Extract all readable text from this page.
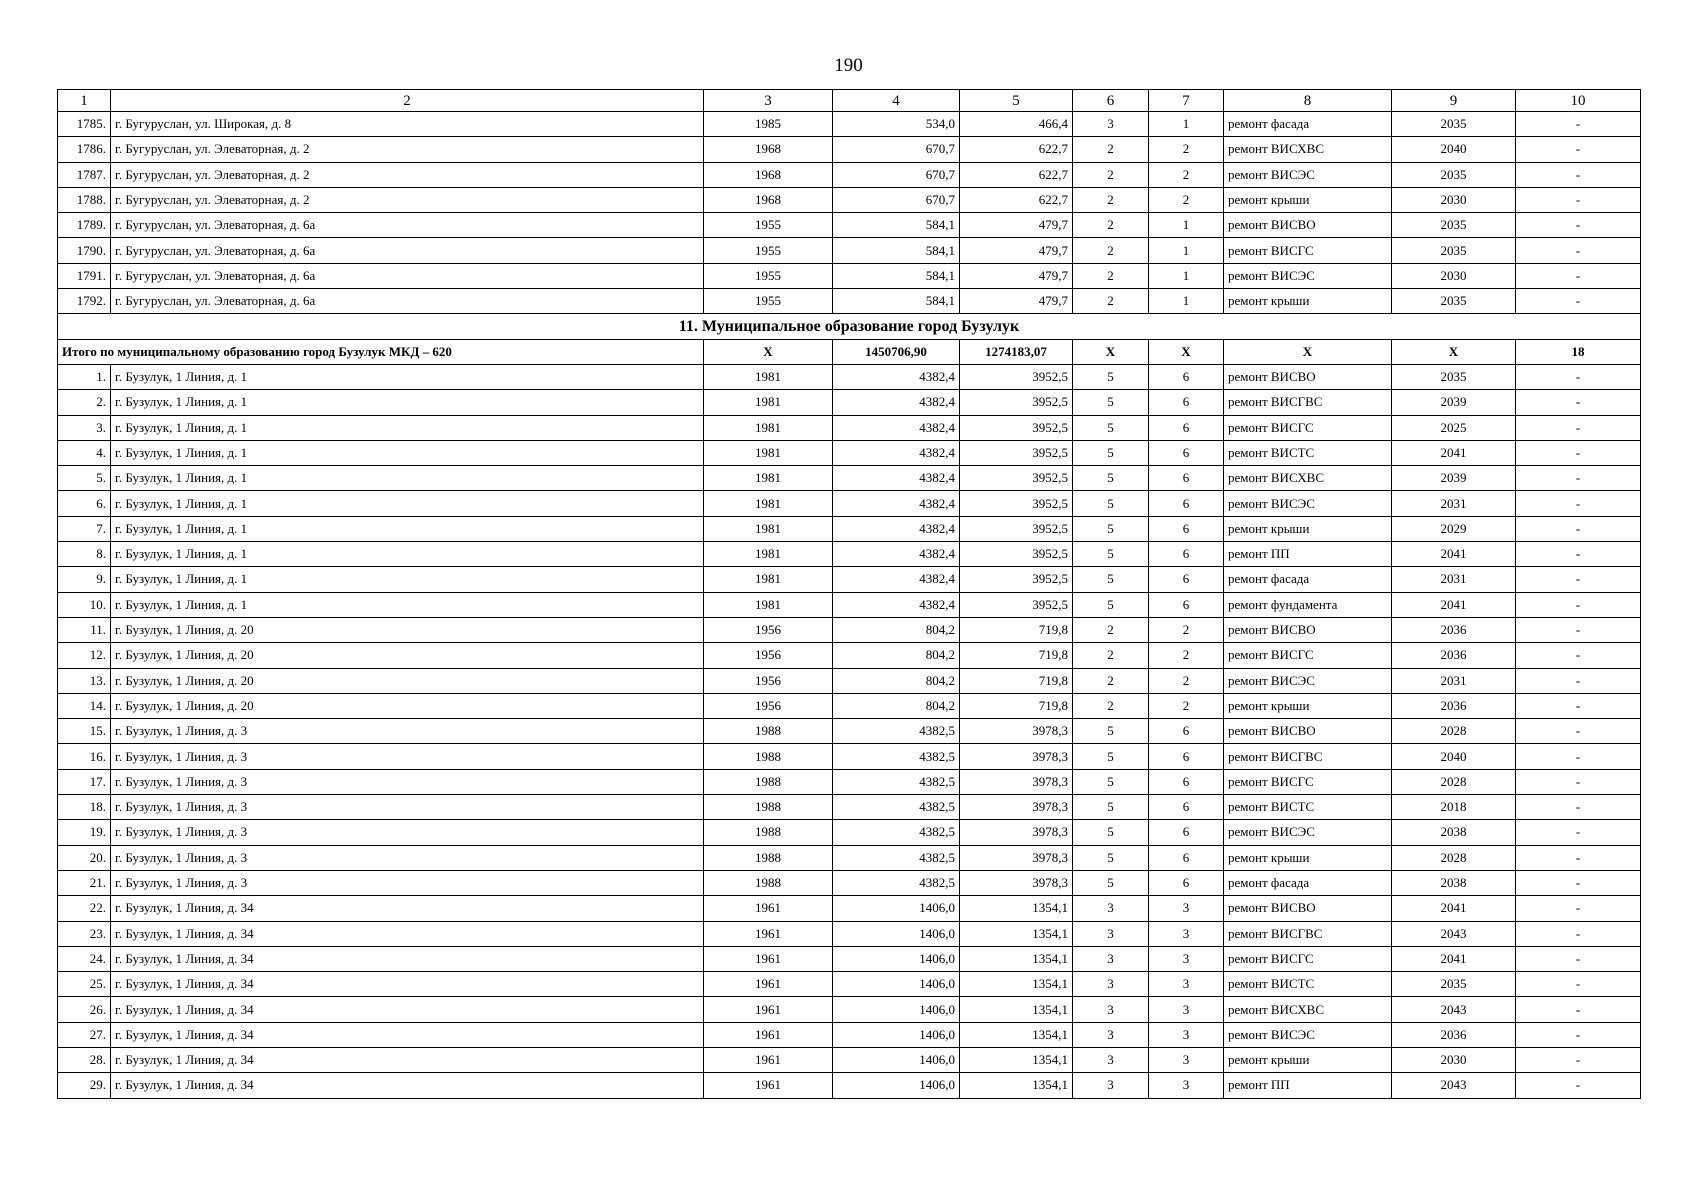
190
1	2	3	4	5	6	7	8	9	10
1785.	г. Бугуруслан, ул. Широкая, д. 8	1985	534,0	466,4	3	1	ремонт фасада	2035	-
1786.	г. Бугуруслан, ул. Элеваторная, д. 2	1968	670,7	622,7	2	2	ремонт ВИСХВС	2040	-
1787.	г. Бугуруслан, ул. Элеваторная, д. 2	1968	670,7	622,7	2	2	ремонт ВИСЭС	2035	-
1788.	г. Бугуруслан, ул. Элеваторная, д. 2	1968	670,7	622,7	2	2	ремонт крыши	2030	-
1789.	г. Бугуруслан, ул. Элеваторная, д. 6а	1955	584,1	479,7	2	1	ремонт ВИСВО	2035	-
1790.	г. Бугуруслан, ул. Элеваторная, д. 6а	1955	584,1	479,7	2	1	ремонт ВИСГС	2035	-
1791.	г. Бугуруслан, ул. Элеваторная, д. 6а	1955	584,1	479,7	2	1	ремонт ВИСЭС	2030	-
1792.	г. Бугуруслан, ул. Элеваторная, д. 6а	1955	584,1	479,7	2	1	ремонт крыши	2035	-
11. Муниципальное образование город Бузулук									
Итого по муниципальному образованию город Бузулук МКД – 620		Х	1450706,90	1274183,07	Х	Х	Х	Х	18
1.	г. Бузулук, 1 Линия, д. 1	1981	4382,4	3952,5	5	6	ремонт ВИСВО	2035	-
2.	г. Бузулук, 1 Линия, д. 1	1981	4382,4	3952,5	5	6	ремонт ВИСГВС	2039	-
3.	г. Бузулук, 1 Линия, д. 1	1981	4382,4	3952,5	5	6	ремонт ВИСГС	2025	-
4.	г. Бузулук, 1 Линия, д. 1	1981	4382,4	3952,5	5	6	ремонт ВИСТС	2041	-
5.	г. Бузулук, 1 Линия, д. 1	1981	4382,4	3952,5	5	6	ремонт ВИСХВС	2039	-
6.	г. Бузулук, 1 Линия, д. 1	1981	4382,4	3952,5	5	6	ремонт ВИСЭС	2031	-
7.	г. Бузулук, 1 Линия, д. 1	1981	4382,4	3952,5	5	6	ремонт крыши	2029	-
8.	г. Бузулук, 1 Линия, д. 1	1981	4382,4	3952,5	5	6	ремонт ПП	2041	-
9.	г. Бузулук, 1 Линия, д. 1	1981	4382,4	3952,5	5	6	ремонт фасада	2031	-
10.	г. Бузулук, 1 Линия, д. 1	1981	4382,4	3952,5	5	6	ремонт фундамента	2041	-
11.	г. Бузулук, 1 Линия, д. 20	1956	804,2	719,8	2	2	ремонт ВИСВО	2036	-
12.	г. Бузулук, 1 Линия, д. 20	1956	804,2	719,8	2	2	ремонт ВИСГС	2036	-
13.	г. Бузулук, 1 Линия, д. 20	1956	804,2	719,8	2	2	ремонт ВИСЭС	2031	-
14.	г. Бузулук, 1 Линия, д. 20	1956	804,2	719,8	2	2	ремонт крыши	2036	-
15.	г. Бузулук, 1 Линия, д. 3	1988	4382,5	3978,3	5	6	ремонт ВИСВО	2028	-
16.	г. Бузулук, 1 Линия, д. 3	1988	4382,5	3978,3	5	6	ремонт ВИСГВС	2040	-
17.	г. Бузулук, 1 Линия, д. 3	1988	4382,5	3978,3	5	6	ремонт ВИСГС	2028	-
18.	г. Бузулук, 1 Линия, д. 3	1988	4382,5	3978,3	5	6	ремонт ВИСТС	2018	-
19.	г. Бузулук, 1 Линия, д. 3	1988	4382,5	3978,3	5	6	ремонт ВИСЭС	2038	-
20.	г. Бузулук, 1 Линия, д. 3	1988	4382,5	3978,3	5	6	ремонт крыши	2028	-
21.	г. Бузулук, 1 Линия, д. 3	1988	4382,5	3978,3	5	6	ремонт фасада	2038	-
22.	г. Бузулук, 1 Линия, д. 34	1961	1406,0	1354,1	3	3	ремонт ВИСВО	2041	-
23.	г. Бузулук, 1 Линия, д. 34	1961	1406,0	1354,1	3	3	ремонт ВИСГВС	2043	-
24.	г. Бузулук, 1 Линия, д. 34	1961	1406,0	1354,1	3	3	ремонт ВИСГС	2041	-
25.	г. Бузулук, 1 Линия, д. 34	1961	1406,0	1354,1	3	3	ремонт ВИСТС	2035	-
26.	г. Бузулук, 1 Линия, д. 34	1961	1406,0	1354,1	3	3	ремонт ВИСХВС	2043	-
27.	г. Бузулук, 1 Линия, д. 34	1961	1406,0	1354,1	3	3	ремонт ВИСЭС	2036	-
28.	г. Бузулук, 1 Линия, д. 34	1961	1406,0	1354,1	3	3	ремонт крыши	2030	-
29.	г. Бузулук, 1 Линия, д. 34	1961	1406,0	1354,1	3	3	ремонт ПП	2043	-
